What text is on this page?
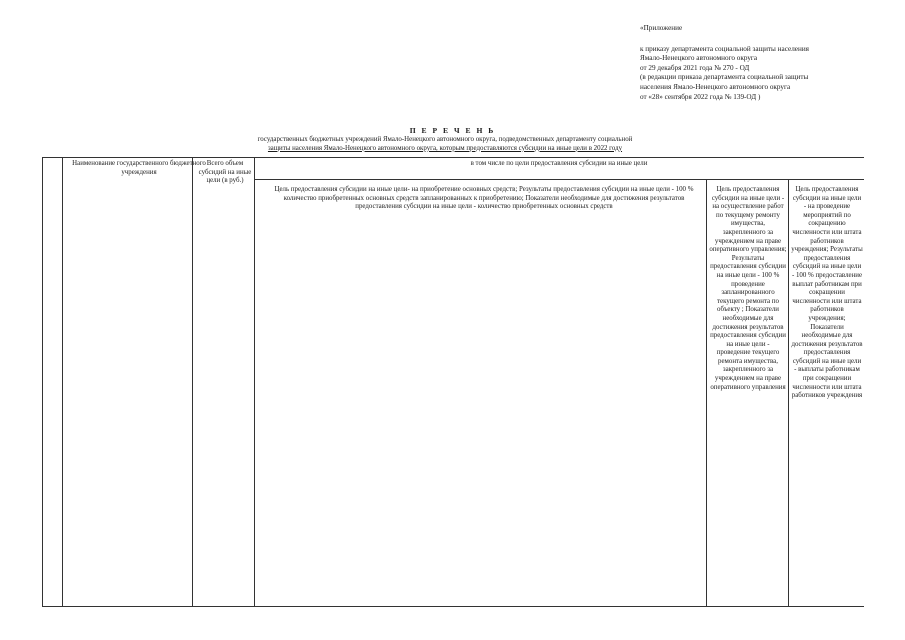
«Приложение
к приказу департамента социальной защиты населения
Ямало-Ненецкого автономного округа
от 29 декабря 2021 года № 270 - ОД
(в редакции приказа департамента социальной защиты
населения Ямало-Ненецкого автономного округа
от «28» сентября 2022 года № 139-ОД )
П Е Р Е Ч Е Н Ь
государственных бюджетных учреждений Ямало-Ненецкого автономного округа, подведомственных департаменту социальной
защиты населения Ямало-Ненецкого автономного округа, которым предоставляются субсидии на иные цели в 2022 году
Наименование государственного бюджетного учреждения
Всего объем субсидий на иные цели (в руб.)
в том числе по цели предоставления субсидии на иные цели
Цель предоставления субсидии на иные цели- на приобретение основных средств; Результаты предоставления субсидии на иные цели - 100 % количество приобретенных основных средств запланированных к приобретению; Показатели необходимые для достижения результатов предоставления субсидии на иные цели - количество приобретенных основных средств
Цель предоставления субсидии на иные цели - на осуществление работ по текущему ремонту имущества, закрепленного за учреждением на праве оперативного управления; Результаты предоставления субсидии на иные цели - 100 % проведение запланированного текущего ремонта по объекту ; Показатели необходимые для достижения результатов предоставления субсидии на иные цели - проведение текущего ремонта имущества, закрепленного за учреждением на праве оперативного управления
Цель предоставления субсидии на иные цели - на проведение мероприятий по сокращению численности или штата работников учреждения; Результаты предоставления субсидий на иные цели - 100 % предоставление выплат работникам при сокращении численности или штата работников учреждения; Показатели необходимые для достижения результатов предоставления субсидий на иные цели - выплаты работникам при сокращении численности или штата работников учреждения
